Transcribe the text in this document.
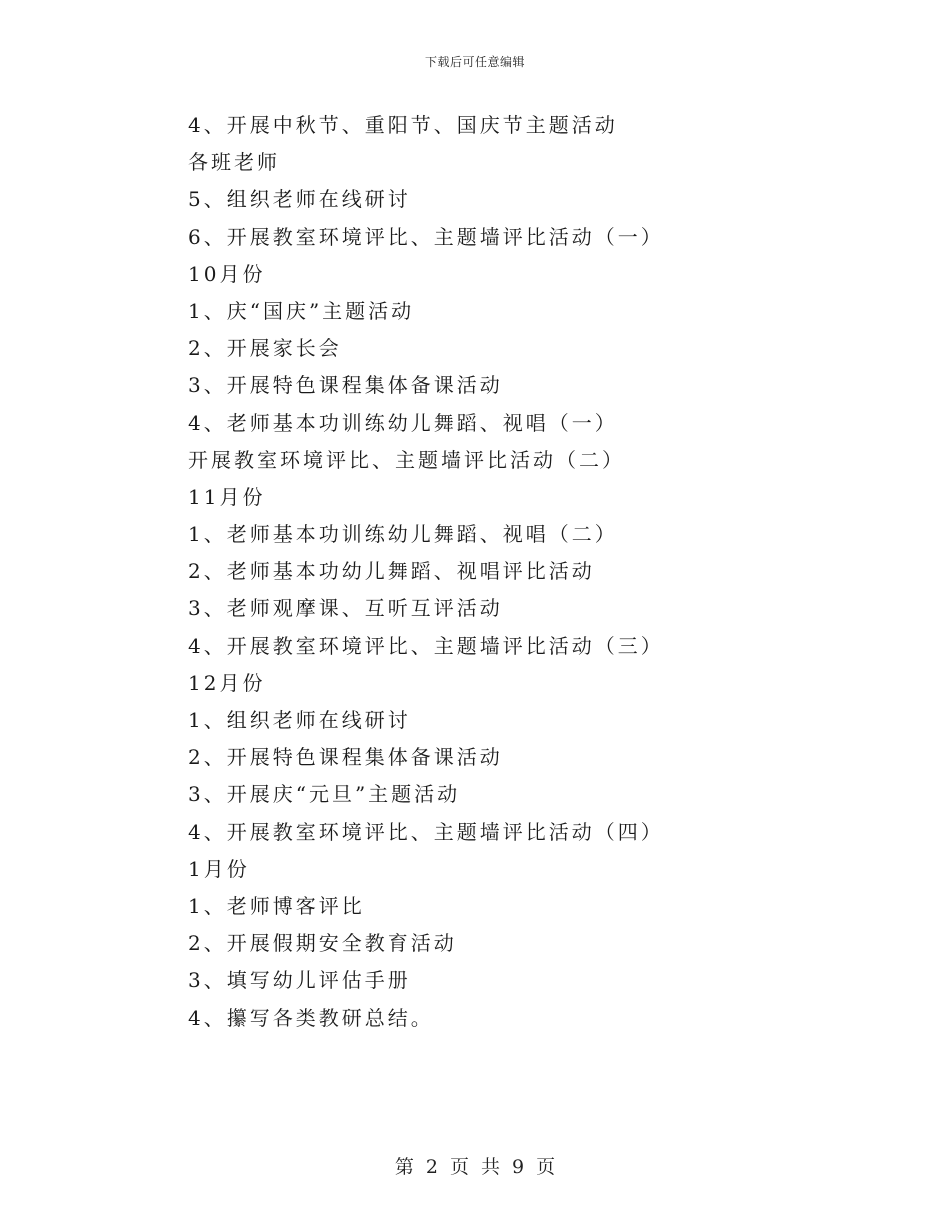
下载后可任意编辑
4、开展中秋节、重阳节、国庆节主题活动
各班老师
5、组织老师在线研讨
6、开展教室环境评比、主题墙评比活动（一）
10月份
1、庆“国庆”主题活动
2、开展家长会
3、开展特色课程集体备课活动
4、老师基本功训练幼儿舞蹈、视唱（一）
开展教室环境评比、主题墙评比活动（二）
11月份
1、老师基本功训练幼儿舞蹈、视唱（二）
2、老师基本功幼儿舞蹈、视唱评比活动
3、老师观摩课、互听互评活动
4、开展教室环境评比、主题墙评比活动（三）
12月份
1、组织老师在线研讨
2、开展特色课程集体备课活动
3、开展庆“元旦”主题活动
4、开展教室环境评比、主题墙评比活动（四）
1月份
1、老师博客评比
2、开展假期安全教育活动
3、填写幼儿评估手册
4、攥写各类教研总结。
第 2 页 共 9 页
